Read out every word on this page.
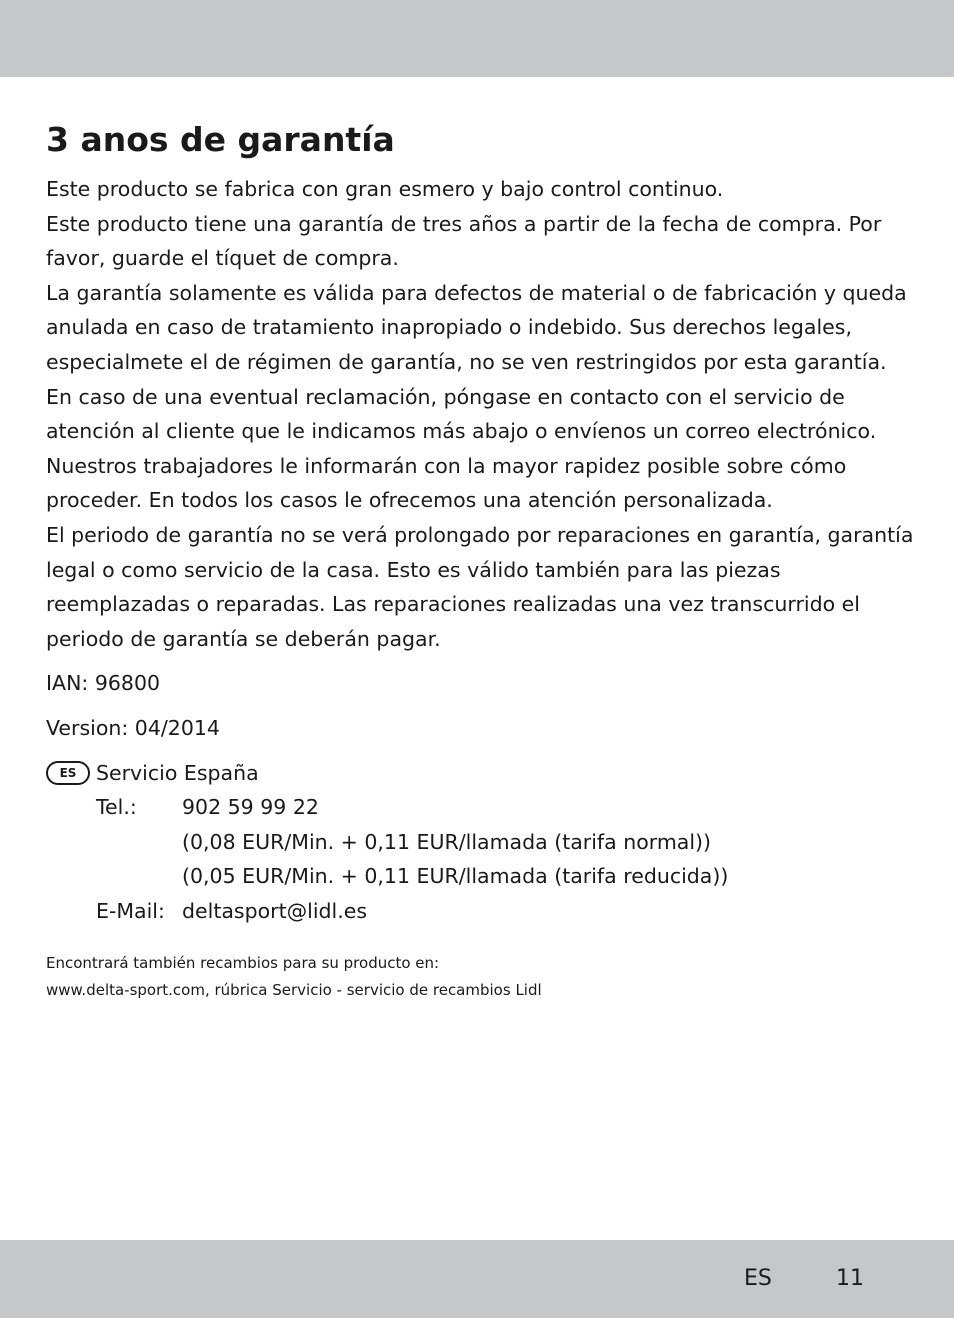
3 anos de garantía

Este producto se fabrica con gran esmero y bajo control continuo.

Este producto tiene una garantía de tres años a partir de la fecha de compra. Por favor, guarde el tíquet de compra.

La garantía solamente es válida para defectos de material o de fabricación y queda anulada en caso de tratamiento inapropiado o indebido. Sus derechos legales, especialmete el de régimen de garantía, no se ven restringidos por esta garantía.

En caso de una eventual reclamación, póngase en contacto con el servicio de atención al cliente que le indicamos más abajo o envíenos un correo electrónico. Nuestros trabajadores le informarán con la mayor rapidez posible sobre cómo proceder. En todos los casos le ofrecemos una atención personalizada.

El periodo de garantía no se verá prolongado por reparaciones en garantía, garantía legal o como servicio de la casa. Esto es válido también para las piezas reemplazadas o reparadas. Las reparaciones realizadas una vez transcurrido el periodo de garantía se deberán pagar.

IAN: 96800

Version: 04/2014

ES Servicio España
Tel.:	902 59 99 22
(0,08 EUR/Min. + 0,11 EUR/llamada (tarifa normal))
(0,05 EUR/Min. + 0,11 EUR/llamada (tarifa reducida))
E-Mail: deltasport@lidl.es

Encontrará también recambios para su producto en:

www.delta-sport.com, rúbrica Servicio - servicio de recambios Lidl

ES	11
